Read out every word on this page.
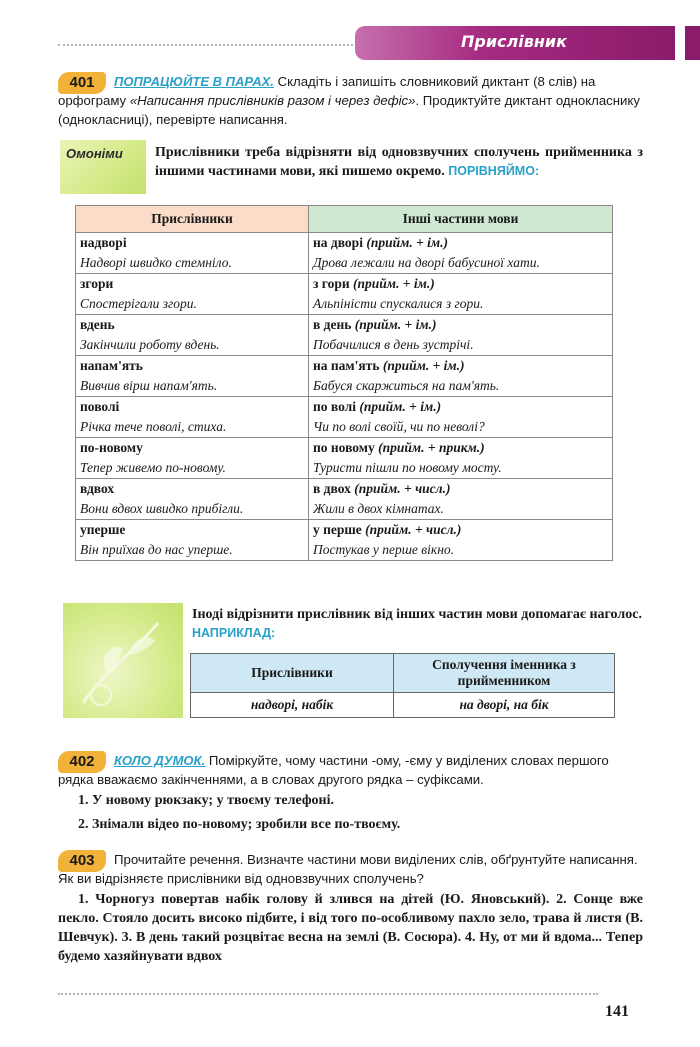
Прислівник
401	ПОПРАЦЮЙТЕ В ПАРАХ. Складіть і запишіть словниковий диктант (8 слів) на орфограму «Написання прислівників разом і через дефіс». Продиктуйте диктант однокласнику (однокласниці), перевірте написання.
Омоніми Прислівники треба відрізняти від одновзвучних сполучень прийменника з іншими частинами мови, які пишемо окремо. ПОРІВНЯЙМО:
Прислівники	Інші частини мови
надворі	на дворі (прийм. + ім.)
Надворі швидко стемніло.	Дрова лежали на дворі бабусиної хати.
згори	з гори (прийм. + ім.)
Спостерігали згори.	Альпіністи спускалися з гори.
вдень	в день (прийм. + ім.)
Закінчили роботу вдень.	Побачилися в день зустрічі.
напам'ять	на пам'ять (прийм. + ім.)
Вивчив вірш напам'ять.	Бабуся скаржиться на пам'ять.
поволі	по волі (прийм. + ім.)
Річка тече поволі, стиха.	Чи по волі своїй, чи по неволі?
по-новому	по новому (прийм. + прикм.)
Тепер живемо по-новому.	Туристи пішли по новому мосту.
вдвох	в двох (прийм. + числ.)
Вони вдвох швидко прибігли.	Жили в двох кімнатах.
уперше	у перше (прийм. + числ.)
Він приїхав до нас уперше.	Постукав у перше вікно.
Іноді відрізнити прислівник від інших частин мови допомагає наголос. НАПРИКЛАД:
Прислівники	Сполучення іменника з прийменником
надворі, набік	на дворі, на бік
402	КОЛО ДУМОК. Поміркуйте, чому частини -ому, -єму у виділених словах першого рядка вважаємо закінченнями, а в словах другого рядка – суфіксами.
1. У новому рюкзаку; у твоєму телефоні.
2. Знімали відео по-новому; зробили все по-твоєму.
403	Прочитайте речення. Визначте частини мови виділених слів, обґрунтуйте написання. Як ви відрізняєте прислівники від одновзвучних сполучень?
1. Чорногуз повертав набік голову й злився на дітей (Ю. Яновський). 2. Сонце вже пекло. Стояло досить високо підбите, і від того по-особливому пахло зело, трава й листя (В. Шевчук). 3. В день такий розцвітає весна на землі (В. Сосюра). 4. Ну, от ми й вдома... Тепер будемо хазяйнувати вдвох
141
